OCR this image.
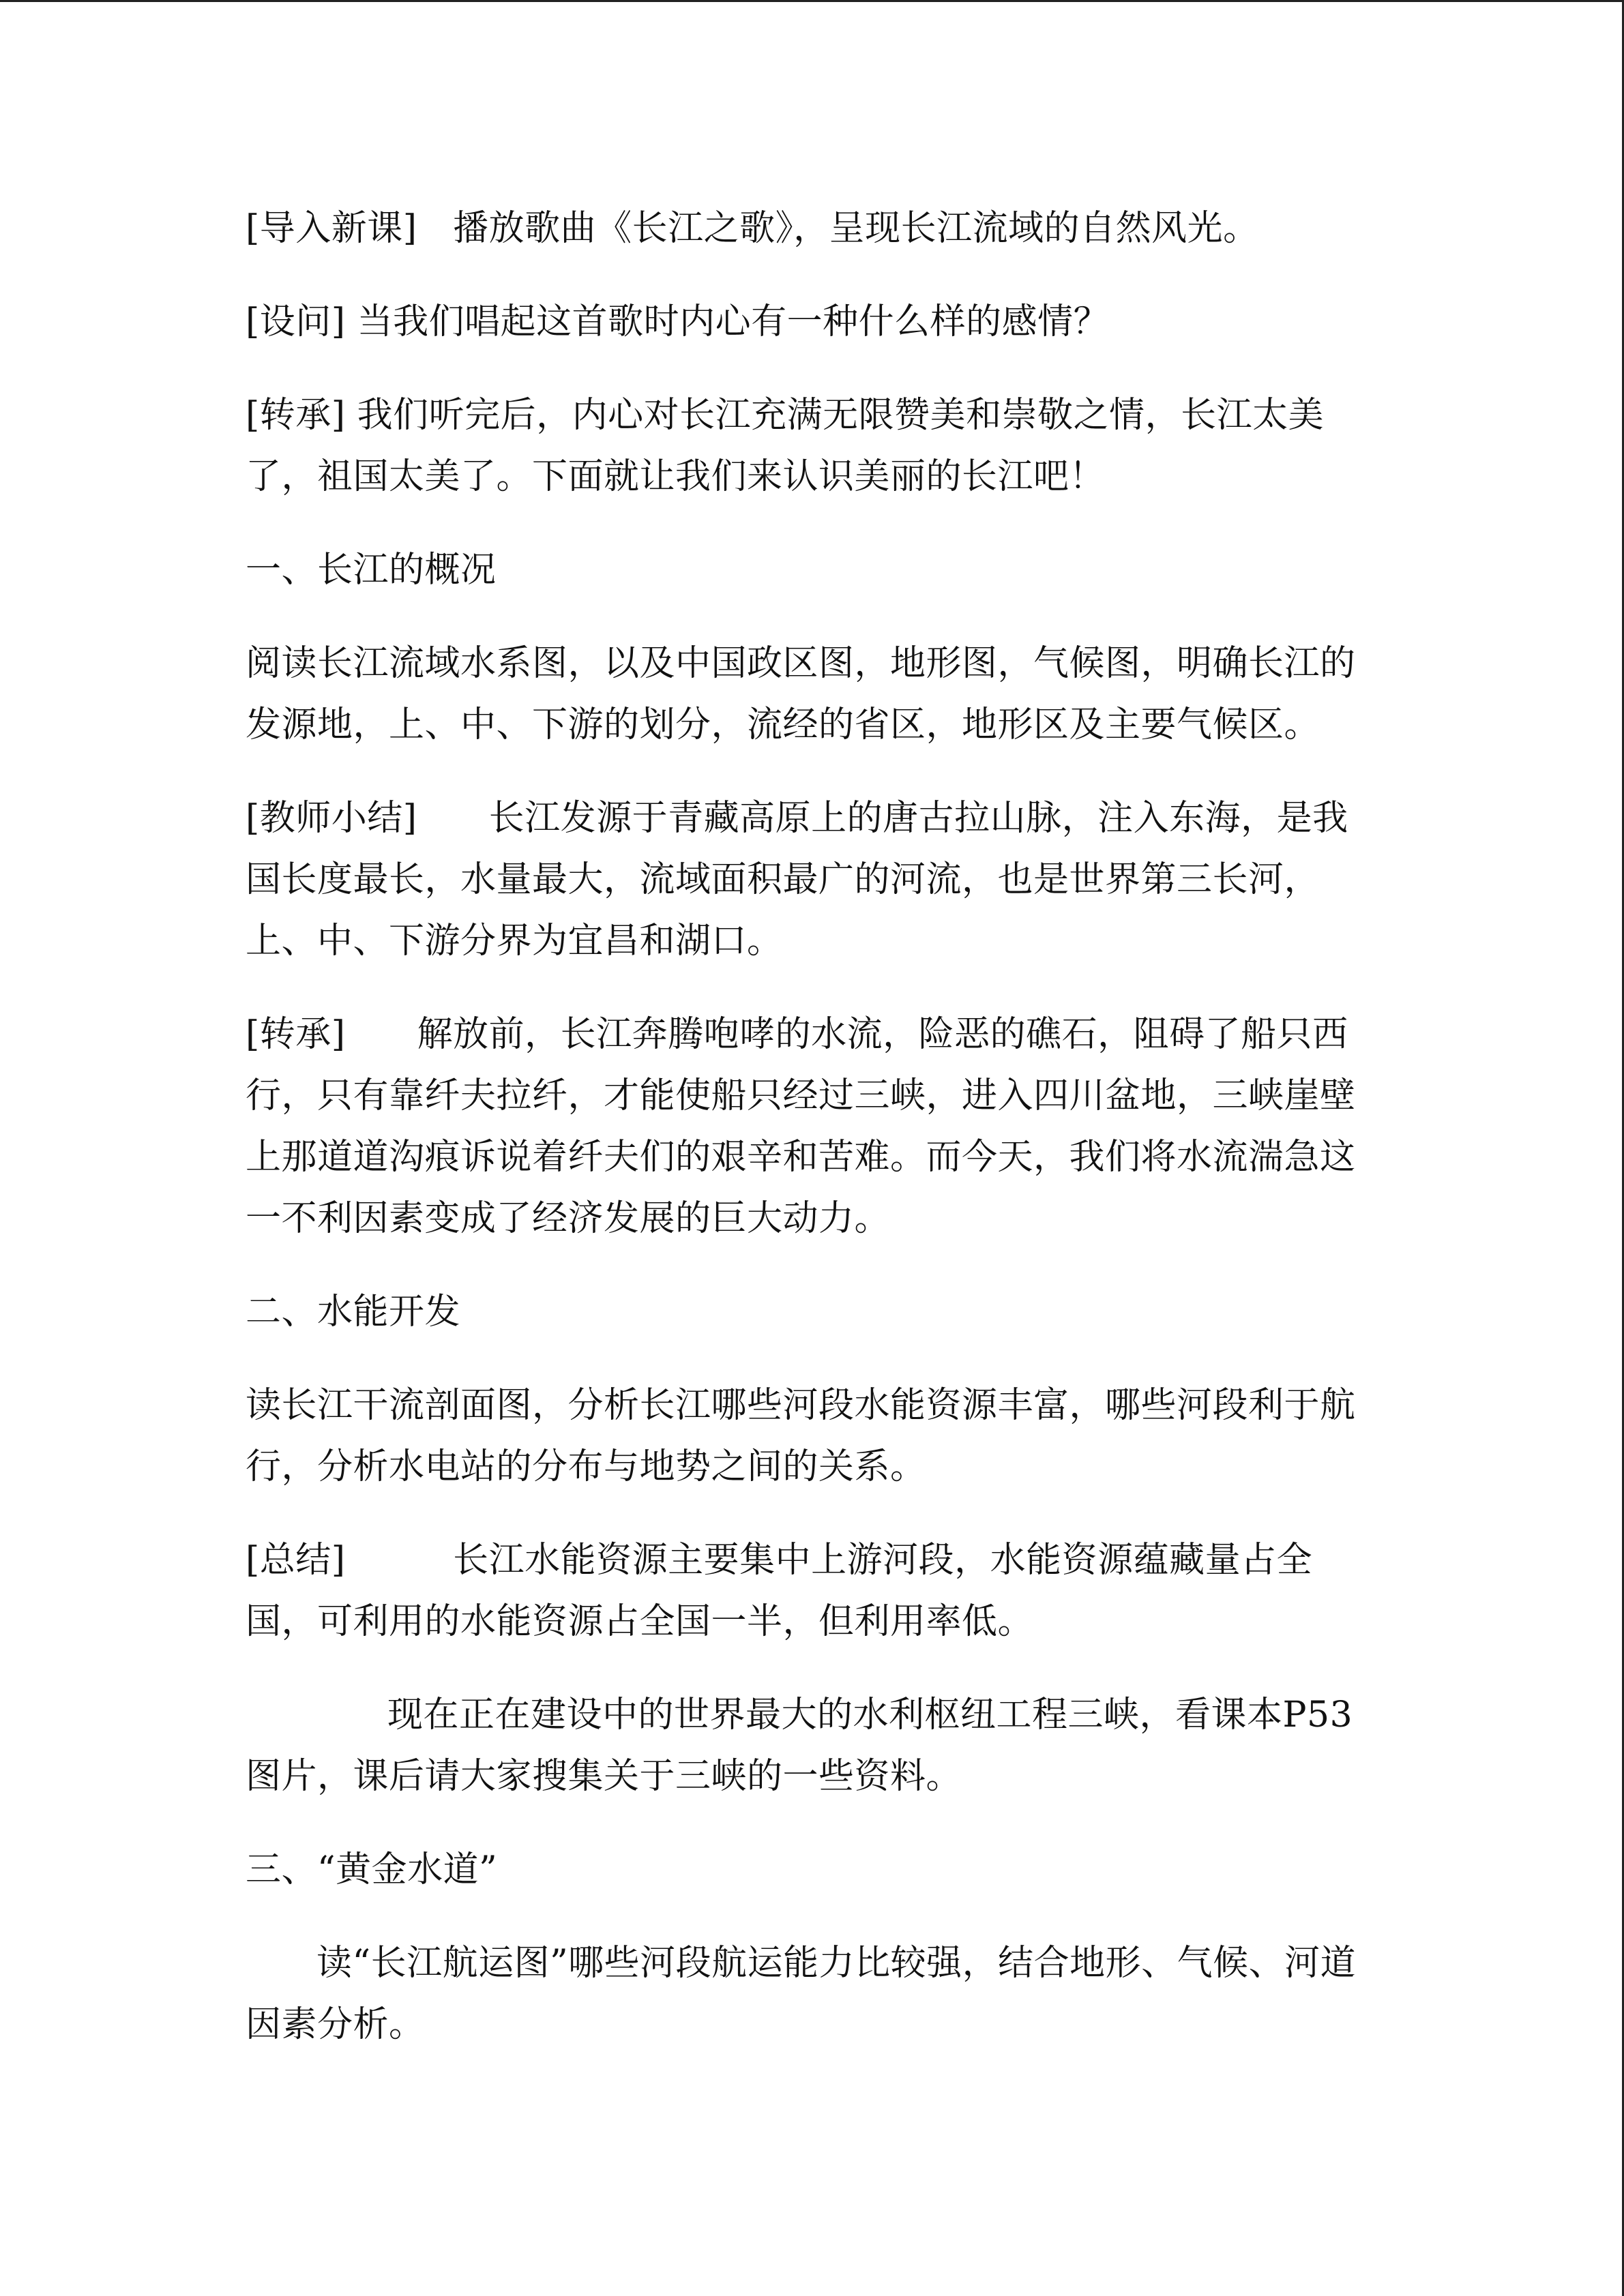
[导入新课]　播放歌曲《长江之歌》，呈现长江流域的自然风光。

[设问] 当我们唱起这首歌时内心有一种什么样的感情？

[转承] 我们听完后，内心对长江充满无限赞美和崇敬之情，长江太美了，祖国太美了。下面就让我们来认识美丽的长江吧！

一、长江的概况

阅读长江流域水系图，以及中国政区图，地形图，气候图，明确长江的发源地，上、中、下游的划分，流经的省区，地形区及主要气候区。

[教师小结]　　长江发源于青藏高原上的唐古拉山脉，注入东海，是我国长度最长，水量最大，流域面积最广的河流，也是世界第三长河，上、中、下游分界为宜昌和湖口。

[转承]　　解放前，长江奔腾咆哮的水流，险恶的礁石，阻碍了船只西行，只有靠纤夫拉纤，才能使船只经过三峡，进入四川盆地，三峡崖壁上那道道沟痕诉说着纤夫们的艰辛和苦难。而今天，我们将水流湍急这一不利因素变成了经济发展的巨大动力。

二、水能开发

读长江干流剖面图，分析长江哪些河段水能资源丰富，哪些河段利于航行，分析水电站的分布与地势之间的关系。

[总结]　　　长江水能资源主要集中上游河段，水能资源蕴藏量占全国，可利用的水能资源占全国一半，但利用率低。

现在正在建设中的世界最大的水利枢纽工程三峡，看课本P53 图片，课后请大家搜集关于三峡的一些资料。

三、“黄金水道”

读“长江航运图”哪些河段航运能力比较强，结合地形、气候、河道因素分析。
